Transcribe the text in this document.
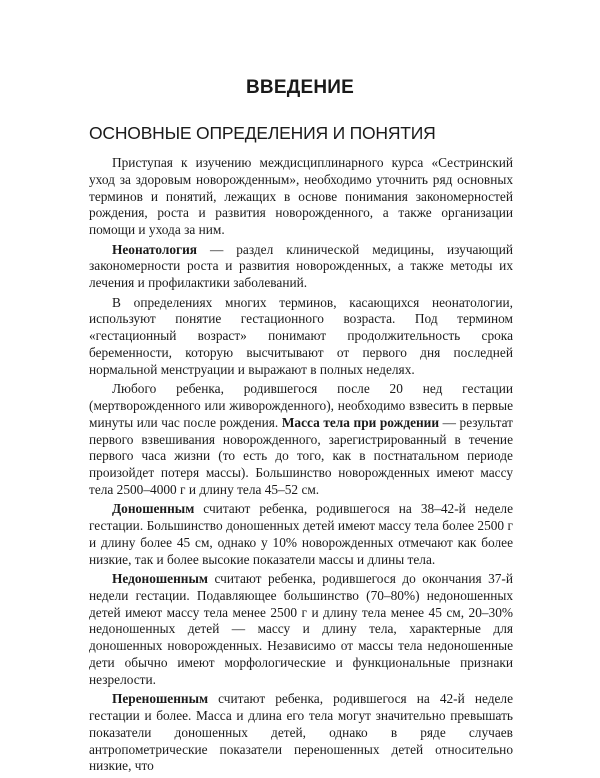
ВВЕДЕНИЕ
ОСНОВНЫЕ ОПРЕДЕЛЕНИЯ И ПОНЯТИЯ

Приступая к изучению междисциплинарного курса «Сестринский уход за здоровым новорожденным», необходимо уточнить ряд основных терминов и понятий, лежащих в основе понимания закономерностей рождения, роста и развития новорожденного, а также организации помощи и ухода за ним.

Неонатология — раздел клинической медицины, изучающий закономерности роста и развития новорожденных, а также методы их лечения и профилактики заболеваний.

В определениях многих терминов, касающихся неонатологии, используют понятие гестационного возраста. Под термином «гестационный возраст» понимают продолжительность срока беременности, которую высчитывают от первого дня последней нормальной менструации и выражают в полных неделях.

Любого ребенка, родившегося после 20 нед гестации (мертворожденного или живорожденного), необходимо взвесить в первые минуты или час после рождения. Масса тела при рождении — результат первого взвешивания новорожденного, зарегистрированный в течение первого часа жизни (то есть до того, как в постнатальном периоде произойдет потеря массы). Большинство новорожденных имеют массу тела 2500–4000 г и длину тела 45–52 см.

Доношенным считают ребенка, родившегося на 38–42-й неделе гестации. Большинство доношенных детей имеют массу тела более 2500 г и длину более 45 см, однако у 10% новорожденных отмечают как более низкие, так и более высокие показатели массы и длины тела.

Недоношенным считают ребенка, родившегося до окончания 37-й недели гестации. Подавляющее большинство (70–80%) недоношенных детей имеют массу тела менее 2500 г и длину тела менее 45 см, 20–30% недоношенных детей — массу и длину тела, характерные для доношенных новорожденных. Независимо от массы тела недоношенные дети обычно имеют морфологические и функциональные признаки незрелости.

Переношенным считают ребенка, родившегося на 42-й неделе гестации и более. Масса и длина его тела могут значительно превышать показатели доношенных детей, однако в ряде случаев антропометрические показатели переношенных детей относительно низкие, что
